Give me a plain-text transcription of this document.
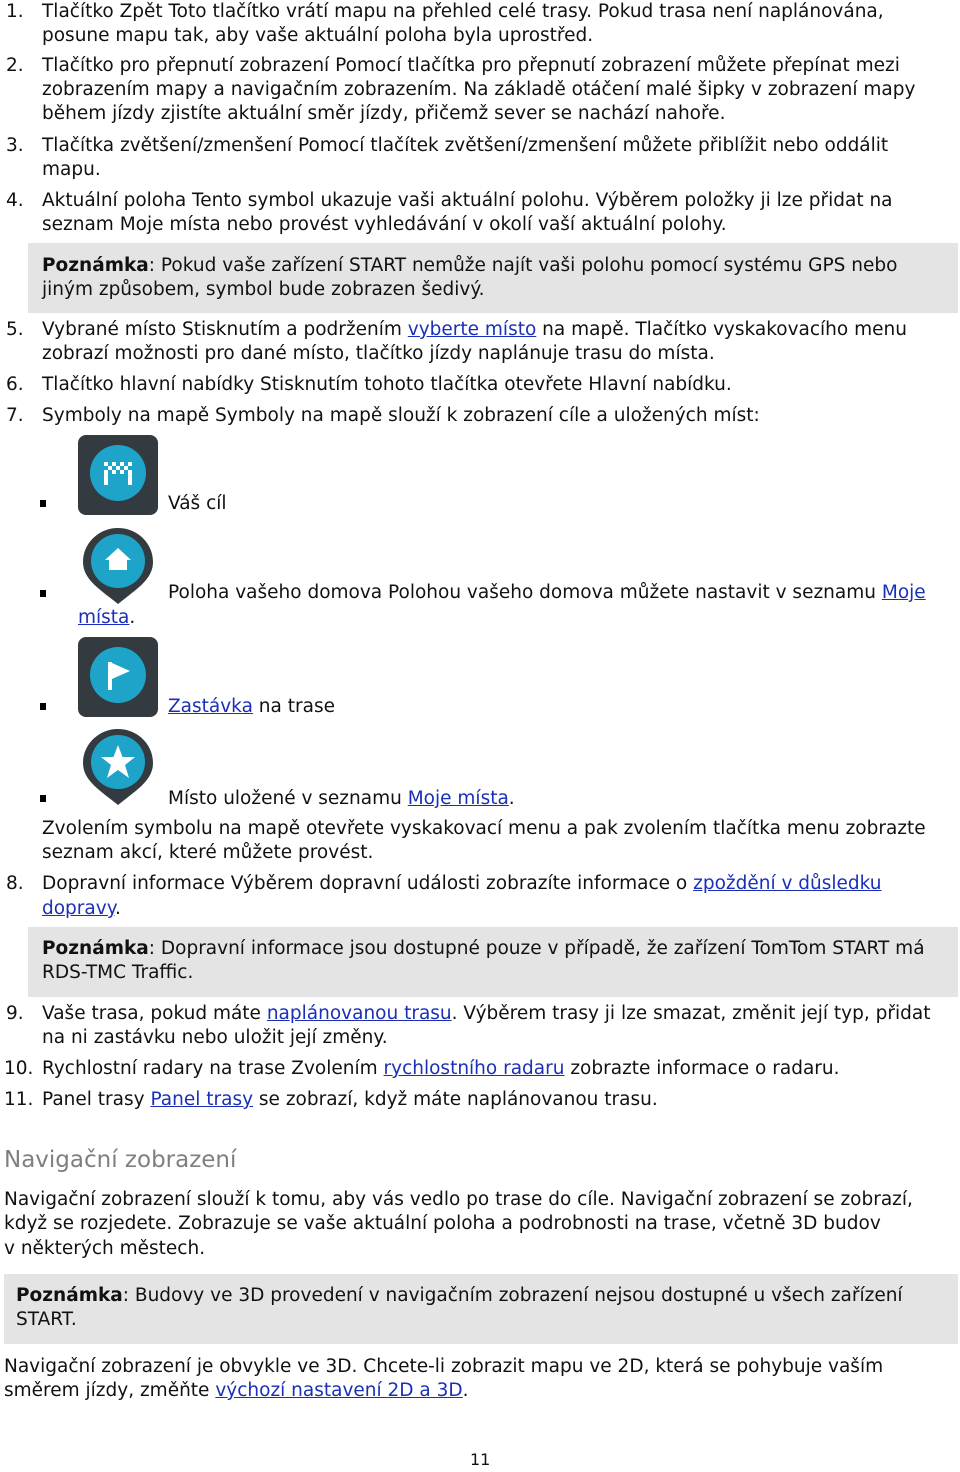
1. Tlačítko Zpět Toto tlačítko vrátí mapu na přehled celé trasy. Pokud trasa není naplánována,
posune mapu tak, aby vaše aktuální poloha byla uprostřed.
2. Tlačítko pro přepnutí zobrazení Pomocí tlačítka pro přepnutí zobrazení můžete přepínat mezi
zobrazením mapy a navigačním zobrazením. Na základě otáčení malé šipky v zobrazení mapy
během jízdy zjistíte aktuální směr jízdy, přičemž sever se nachází nahoře.
3. Tlačítka zvětšení/zmenšení Pomocí tlačítek zvětšení/zmenšení můžete přiblížit nebo oddálit
mapu.
4. Aktuální poloha Tento symbol ukazuje vaši aktuální polohu. Výběrem položky ji lze přidat na
seznam Moje místa nebo provést vyhledávání v okolí vaší aktuální polohy.
Poznámka: Pokud vaše zařízení START nemůže najít vaši polohu pomocí systému GPS nebo
jiným způsobem, symbol bude zobrazen šedivý.
5. Vybrané místo Stisknutím a podržením vyberte místo na mapě. Tlačítko vyskakovacího menu
zobrazí možnosti pro dané místo, tlačítko jízdy naplánuje trasu do místa.
6. Tlačítko hlavní nabídky Stisknutím tohoto tlačítka otevřete Hlavní nabídku.
7. Symboly na mapě Symboly na mapě slouží k zobrazení cíle a uložených míst:
Váš cíl
Poloha vašeho domova Polohou vašeho domova můžete nastavit v seznamu Moje
místa.
Zastávka na trase
Místo uložené v seznamu Moje místa.
Zvolením symbolu na mapě otevřete vyskakovací menu a pak zvolením tlačítka menu zobrazte
seznam akcí, které můžete provést.
8. Dopravní informace Výběrem dopravní události zobrazíte informace o zpoždění v důsledku
dopravy.
Poznámka: Dopravní informace jsou dostupné pouze v případě, že zařízení TomTom START má
RDS-TMC Traffic.
9. Vaše trasa, pokud máte naplánovanou trasu. Výběrem trasy ji lze smazat, změnit její typ, přidat
na ni zastávku nebo uložit její změny.
10. Rychlostní radary na trase Zvolením rychlostního radaru zobrazte informace o radaru.
11. Panel trasy Panel trasy se zobrazí, když máte naplánovanou trasu.
Navigační zobrazení
Navigační zobrazení slouží k tomu, aby vás vedlo po trase do cíle. Navigační zobrazení se zobrazí,
když se rozjedete. Zobrazuje se vaše aktuální poloha a podrobnosti na trase, včetně 3D budov
v některých městech.
Poznámka: Budovy ve 3D provedení v navigačním zobrazení nejsou dostupné u všech zařízení
START.
Navigační zobrazení je obvykle ve 3D. Chcete-li zobrazit mapu ve 2D, která se pohybuje vaším
směrem jízdy, změňte výchozí nastavení 2D a 3D.
11
